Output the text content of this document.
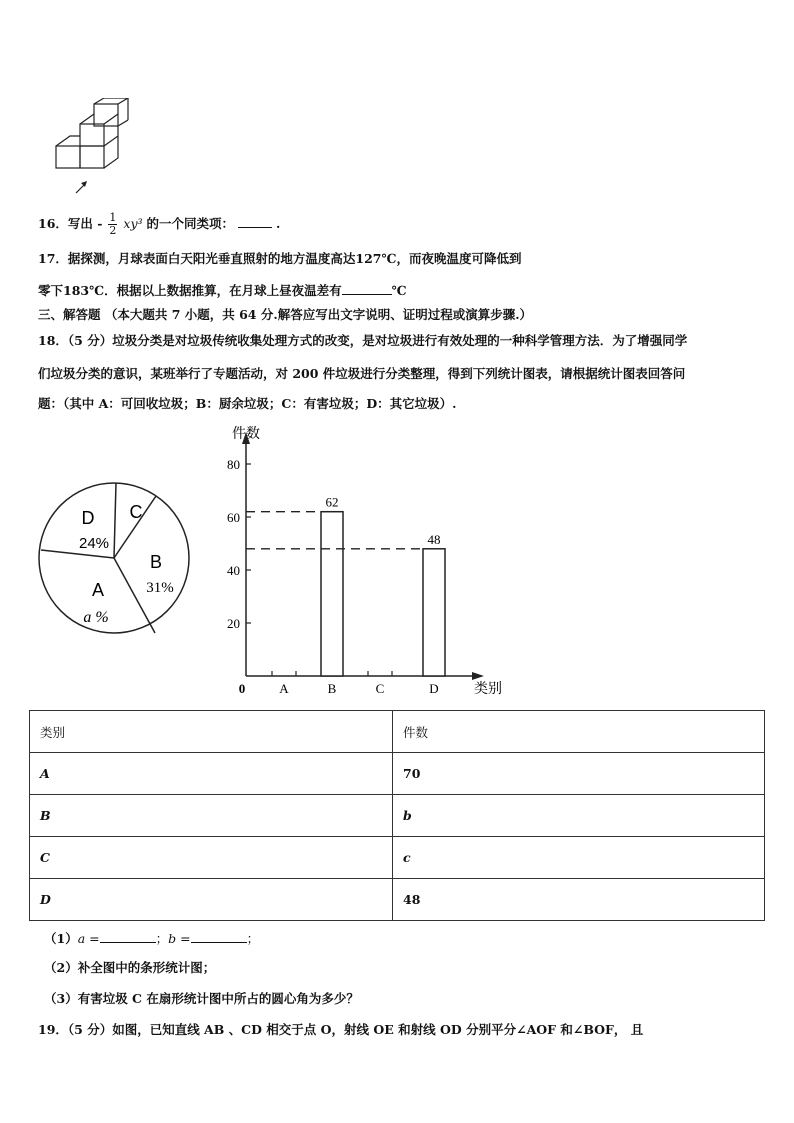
16．写出 - $\frac{1}{2} xy^3$ 的一个同类项：	.
17．据探测，月球表面白天阳光垂直照射的地方温度高达127℃，而夜晚温度可降低到
零下183℃．根据以上数据推算，在月球上昼夜温差有	℃
三、解答题 （本大题共 7 小题，共 64 分.解答应写出文字说明、证明过程或演算步骤.）
18．（5 分）垃圾分类是对垃圾传统收集处理方式的改变，是对垃圾进行有效处理的一种科学管理方法．为了增强同学
们垃圾分类的意识，某班举行了专题活动，对 200 件垃圾进行分类整理，得到下列统计图表，请根据统计图表回答问
题：（其中 A：可回收垃圾；B：厨余垃圾；C：有害垃圾；D：其它垃圾）.
D
24%
C
B
31%
A
a %
件数
类别
0
20
40
60
80
A	B
62
C	D
48
类别	件数
A	70
B	b
C	c
D	48
（1）a =	；b =	；
（2）补全图中的条形统计图；
（3）有害垃圾 C 在扇形统计图中所占的圆心角为多少？
19．（5 分）如图，已知直线 AB 、CD 相交于点 O，射线 OE 和射线 OD 分别平分∠AOF 和∠BOF， 且
